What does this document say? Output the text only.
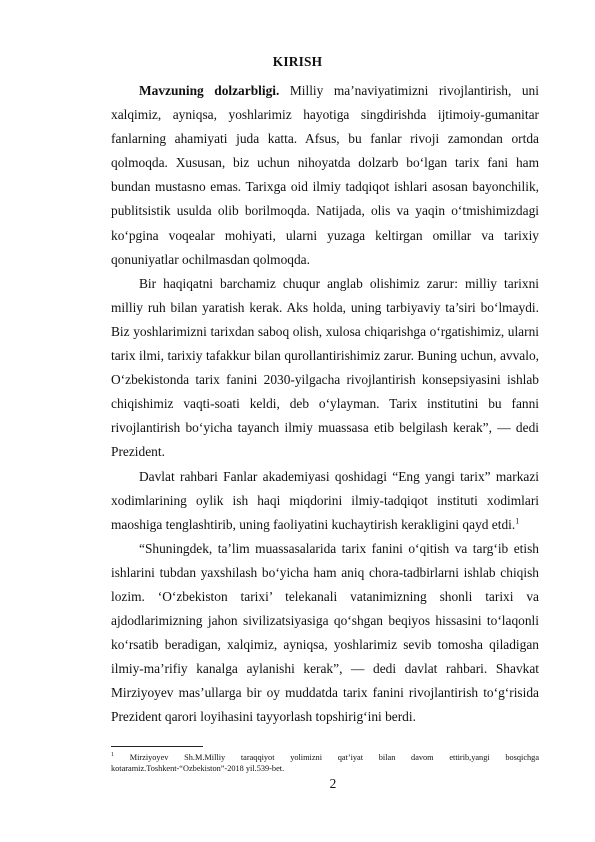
KIRISH

Mavzuning dolzarbligi. Milliy ma’naviyatimizni rivojlantirish, uni xalqimiz, ayniqsa, yoshlarimiz hayotiga singdirishda ijtimoiy-gumanitar fanlarning ahamiyati juda katta. Afsus, bu fanlar rivoji zamondan ortda qolmoqda. Xususan, biz uchun nihoyatda dolzarb bo‘lgan tarix fani ham bundan mustasno emas. Tarixga oid ilmiy tadqiqot ishlari asosan bayonchilik, publitsistik usulda olib borilmoqda. Natijada, olis va yaqin o‘tmishimizdagi ko‘pgina voqealar mohiyati, ularni yuzaga keltirgan omillar va tarixiy qonuniyatlar ochilmasdan qolmoqda.

Bir haqiqatni barchamiz chuqur anglab olishimiz zarur: milliy tarixni milliy ruh bilan yaratish kerak. Aks holda, uning tarbiyaviy ta’siri bo‘lmaydi. Biz yoshlarimizni tarixdan saboq olish, xulosa chiqarishga o‘rgatishimiz, ularni tarix ilmi, tarixiy tafakkur bilan qurollantirishimiz zarur. Buning uchun, avvalo, O‘zbekistonda tarix fanini 2030-yilgacha rivojlantirish konsepsiyasini ishlab chiqishimiz vaqti-soati keldi, deb o‘ylayman. Tarix institutini bu fanni rivojlantirish bo‘yicha tayanch ilmiy muassasa etib belgilash kerak”, — dedi Prezident.

Davlat rahbari Fanlar akademiyasi qoshidagi “Eng yangi tarix” markazi xodimlarining oylik ish haqi miqdorini ilmiy-tadqiqot instituti xodimlari maoshiga tenglashtirib, uning faoliyatini kuchaytirish kerakligini qayd etdi.$^1$

“Shuningdek, ta’lim muassasalarida tarix fanini o‘qitish va targ‘ib etish ishlarini tubdan yaxshilash bo‘yicha ham aniq chora-tadbirlarni ishlab chiqish lozim. ‘O‘zbekiston tarixi’ telekanali vatanimizning shonli tarixi va ajdodlarimizning jahon sivilizatsiyasiga qo‘shgan beqiyos hissasini to‘laqonli ko‘rsatib beradigan, xalqimiz, ayniqsa, yoshlarimiz sevib tomosha qiladigan ilmiy-ma’rifiy kanalga aylanishi kerak”, — dedi davlat rahbari. Shavkat Mirziyoyev mas’ullarga bir oy muddatda tarix fanini rivojlantirish to‘g‘risida Prezident qarori loyihasini tayyorlash topshirig‘ini berdi.

$^1$ Mirziyoyev Sh.M.Milliy taraqqiyot yolimizni qat’iyat bilan davom ettirib,yangi bosqichga kotaramiz.Toshkent-“Ozbekiston”-2018 yil.539-bet.
2
